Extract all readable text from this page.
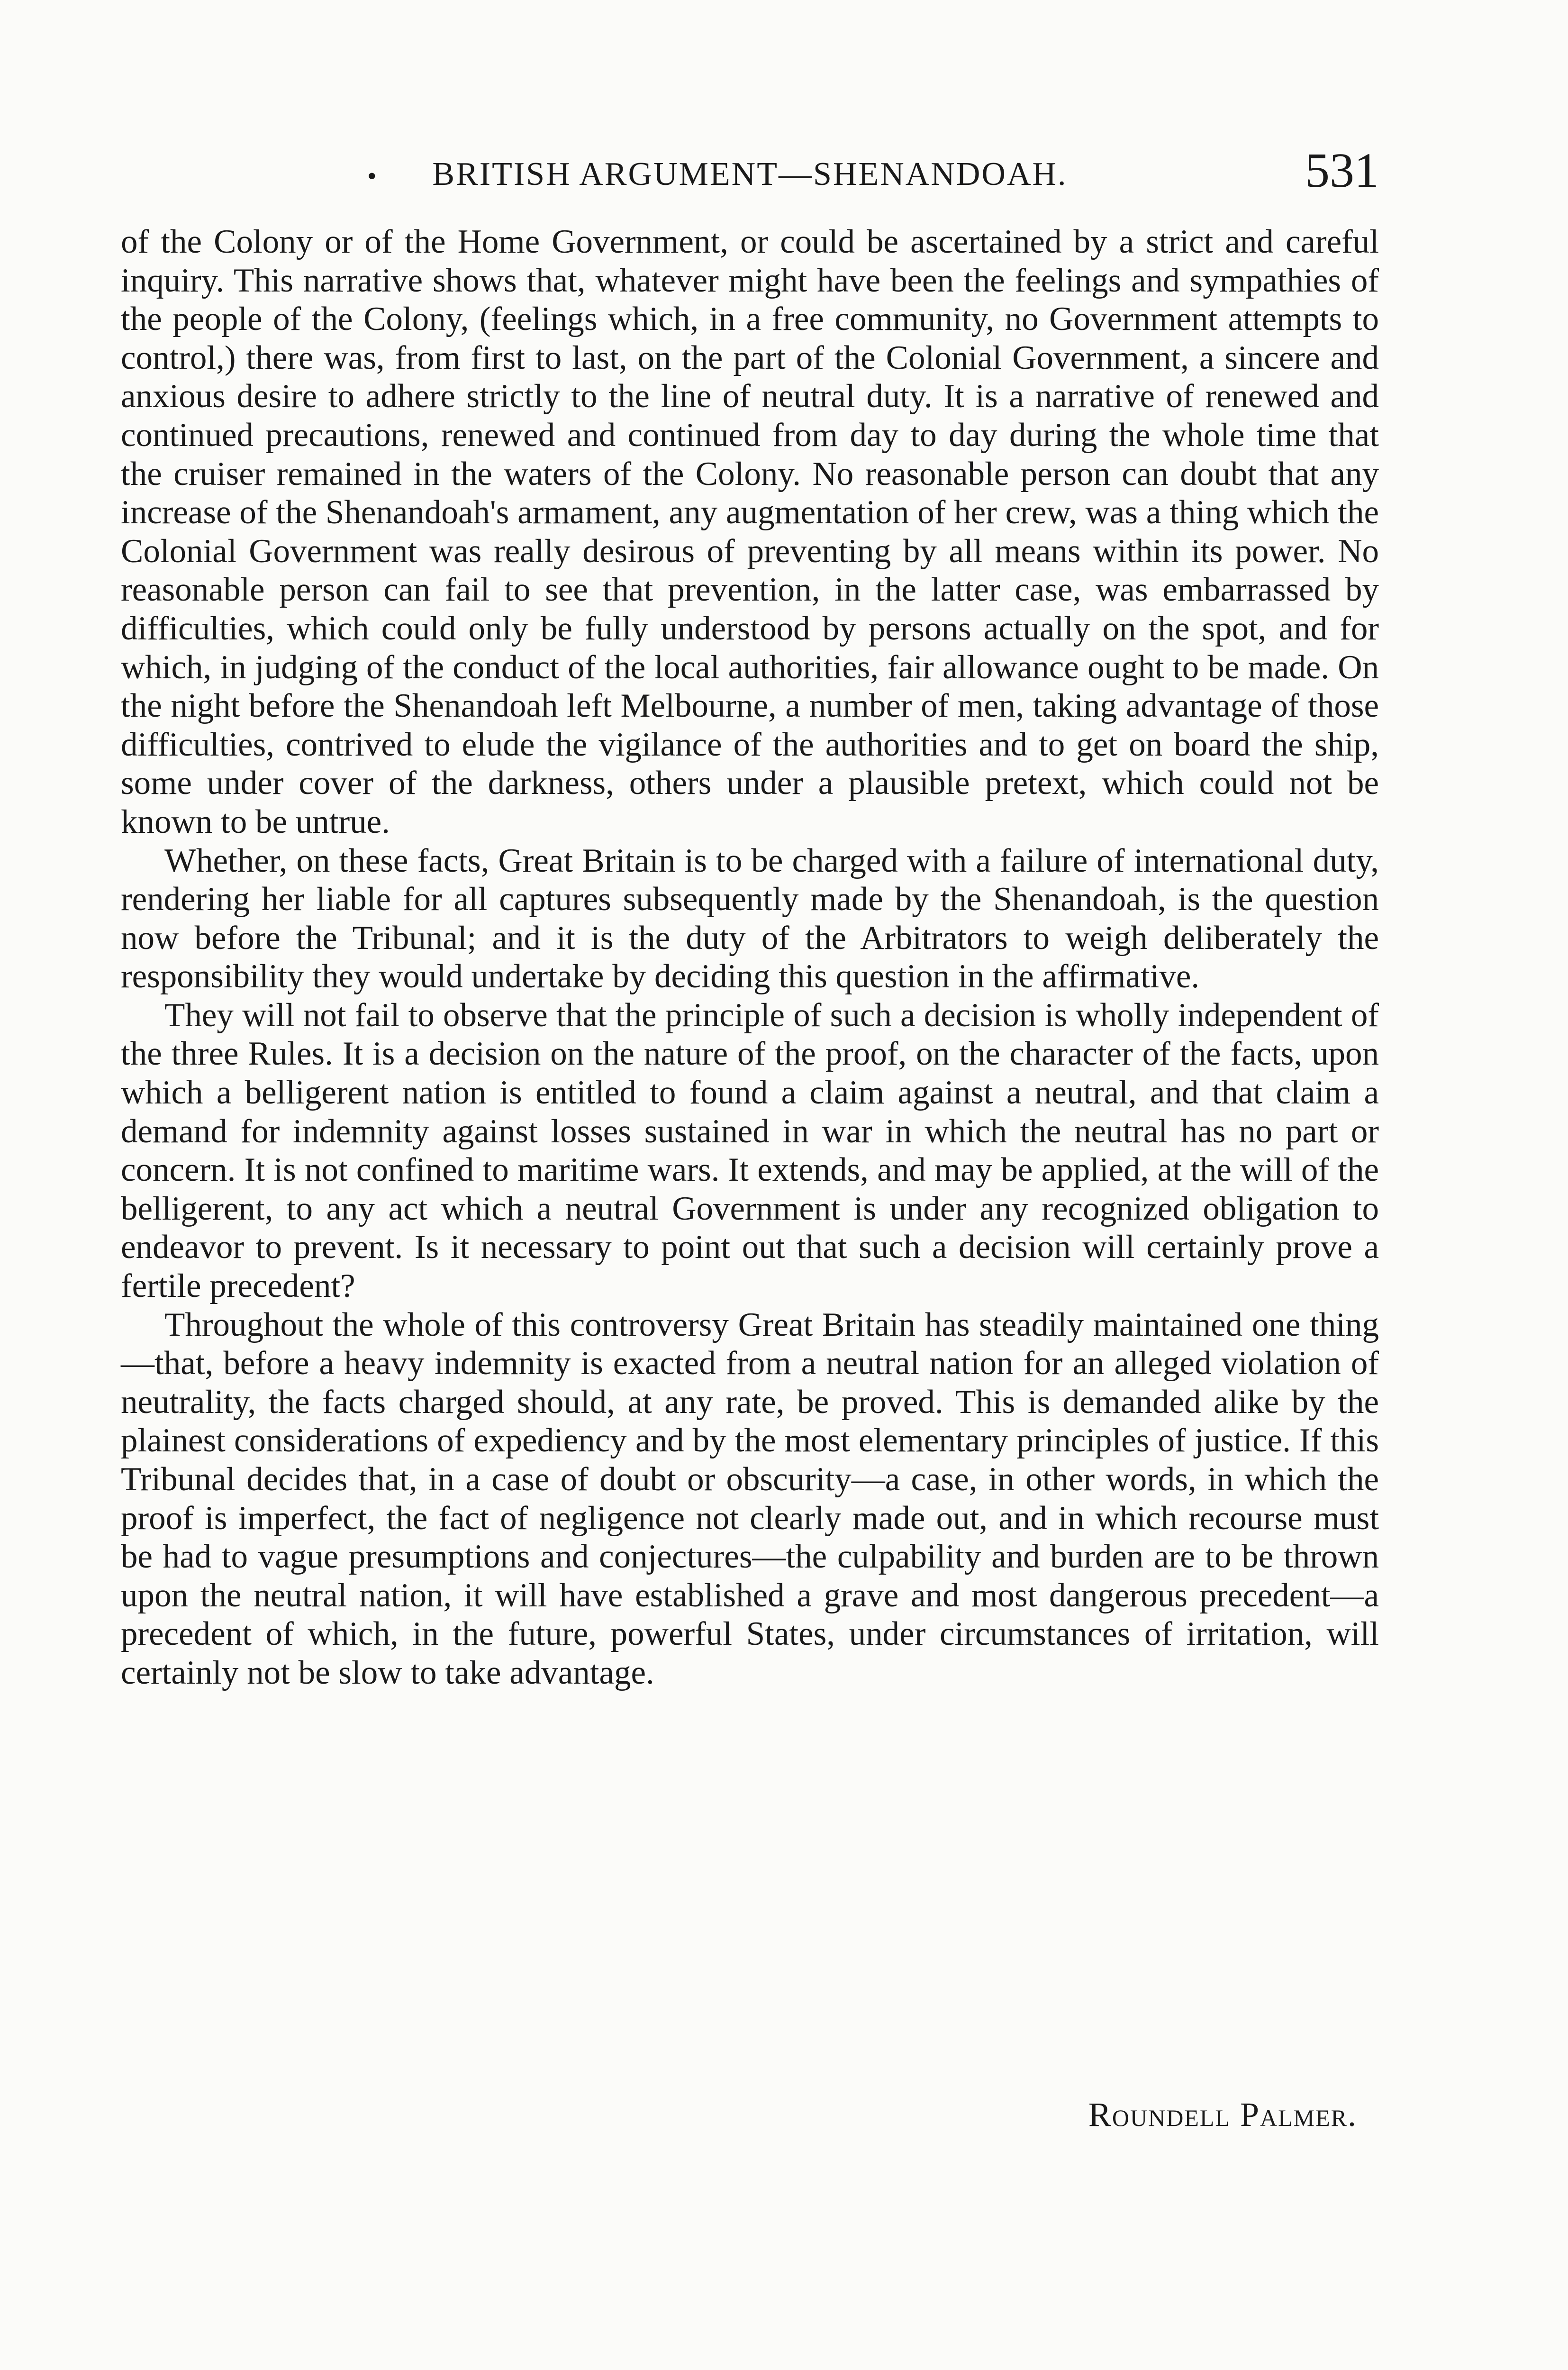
•	BRITISH ARGUMENT—SHENANDOAH.	531

of the Colony or of the Home Government, or could be ascertained by a strict and careful inquiry. This narrative shows that, whatever might have been the feelings and sympathies of the people of the Colony, (feelings which, in a free community, no Government attempts to control,) there was, from first to last, on the part of the Colonial Government, a sincere and anxious desire to adhere strictly to the line of neutral duty. It is a narrative of renewed and continued precautions, renewed and continued from day to day during the whole time that the cruiser remained in the waters of the Colony. No reasonable person can doubt that any increase of the Shenandoah's armament, any augmentation of her crew, was a thing which the Colonial Government was really desirous of preventing by all means within its power. No reasonable person can fail to see that prevention, in the latter case, was embarrassed by difficulties, which could only be fully understood by persons actually on the spot, and for which, in judging of the conduct of the local authorities, fair allowance ought to be made. On the night before the Shenandoah left Melbourne, a number of men, taking advantage of those difficulties, contrived to elude the vigilance of the authorities and to get on board the ship, some under cover of the darkness, others under a plausible pretext, which could not be known to be untrue.

Whether, on these facts, Great Britain is to be charged with a failure of international duty, rendering her liable for all captures subsequently made by the Shenandoah, is the question now before the Tribunal; and it is the duty of the Arbitrators to weigh deliberately the responsibility they would undertake by deciding this question in the affirmative.

They will not fail to observe that the principle of such a decision is wholly independent of the three Rules. It is a decision on the nature of the proof, on the character of the facts, upon which a belligerent nation is entitled to found a claim against a neutral, and that claim a demand for indemnity against losses sustained in war in which the neutral has no part or concern. It is not confined to maritime wars. It extends, and may be applied, at the will of the belligerent, to any act which a neutral Government is under any recognized obligation to endeavor to prevent. Is it necessary to point out that such a decision will certainly prove a fertile precedent?

Throughout the whole of this controversy Great Britain has steadily maintained one thing—that, before a heavy indemnity is exacted from a neutral nation for an alleged violation of neutrality, the facts charged should, at any rate, be proved. This is demanded alike by the plainest considerations of expediency and by the most elementary principles of justice. If this Tribunal decides that, in a case of doubt or obscurity—a case, in other words, in which the proof is imperfect, the fact of negligence not clearly made out, and in which recourse must be had to vague presumptions and conjectures—the culpability and burden are to be thrown upon the neutral nation, it will have established a grave and most dangerous precedent—a precedent of which, in the future, powerful States, under circumstances of irritation, will certainly not be slow to take advantage.

Roundell Palmer.
